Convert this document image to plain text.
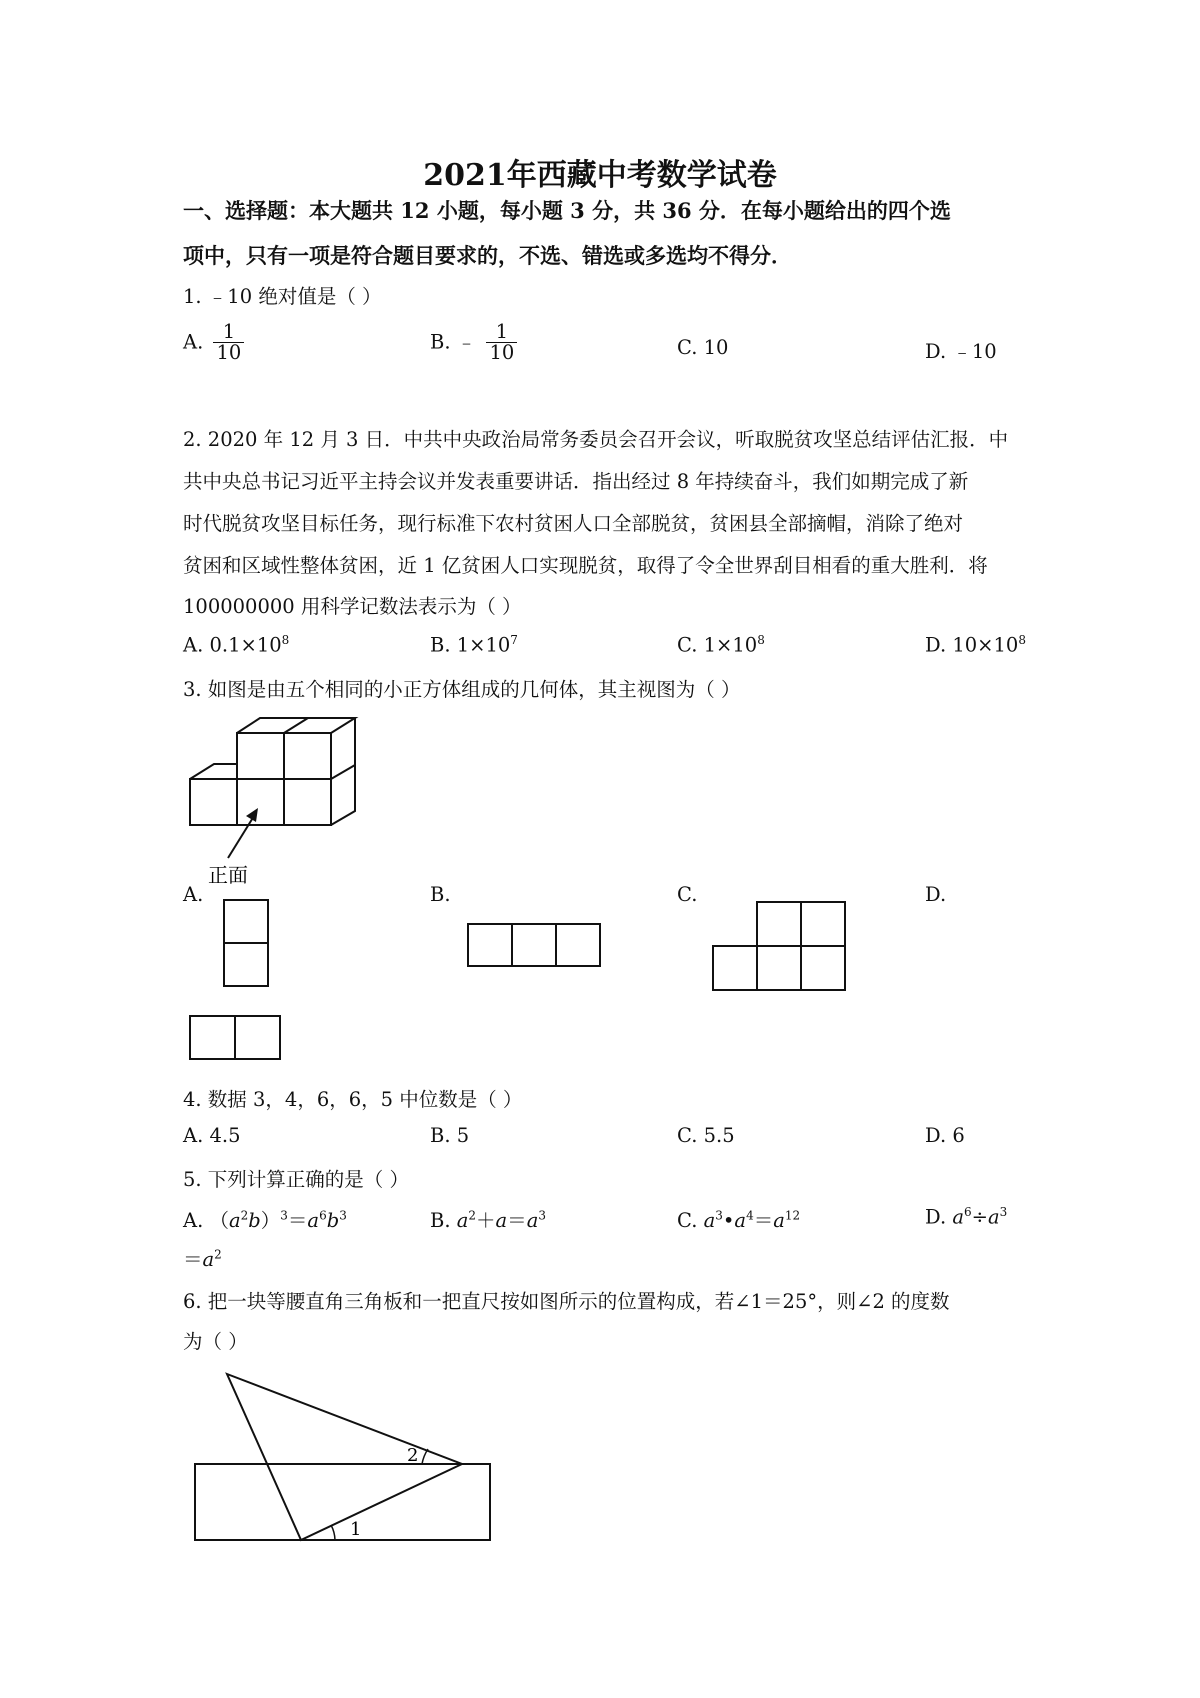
2021年西藏中考数学试卷
一、选择题：本大题共 12 小题，每小题 3 分，共 36 分．在每小题给出的四个选
项中，只有一项是符合题目要求的，不选、错选或多选均不得分．
1. ﹣10 绝对值是（ ）
A. $\frac{1}{10}$	B. ﹣ $\frac{1}{10}$	C. 10	D. ﹣10
2. 2020 年 12 月 3 日．中共中央政治局常务委员会召开会议，听取脱贫攻坚总结评估汇报．中
共中央总书记习近平主持会议并发表重要讲话．指出经过 8 年持续奋斗，我们如期完成了新
时代脱贫攻坚目标任务，现行标准下农村贫困人口全部脱贫，贫困县全部摘帽，消除了绝对
贫困和区域性整体贫困，近 1 亿贫困人口实现脱贫，取得了令全世界刮目相看的重大胜利．将
100000000 用科学记数法表示为（ ）
A. $0.1\times 10^8$	B. $1\times 10^7$	C. $1\times 10^8$	D. $10\times 10^8$
3. 如图是由五个相同的小正方体组成的几何体，其主视图为（ ）
正面
A.	B.	C.	D.
4. 数据 3，4，6，6，5 中位数是（ ）
A. 4.5	B. 5	C. 5.5	D. 6
5. 下列计算正确的是（ ）
A. $(a^2b)^3=a^6b^3$	B. $a^2+a=a^3$	C. $a^3•a^4=a^{12}$	D. $a^6\div a^3$
$=a^2$
6. 把一块等腰直角三角板和一把直尺按如图所示的位置构成，若∠1＝25°，则∠2 的度数
为（ ）
2
1
